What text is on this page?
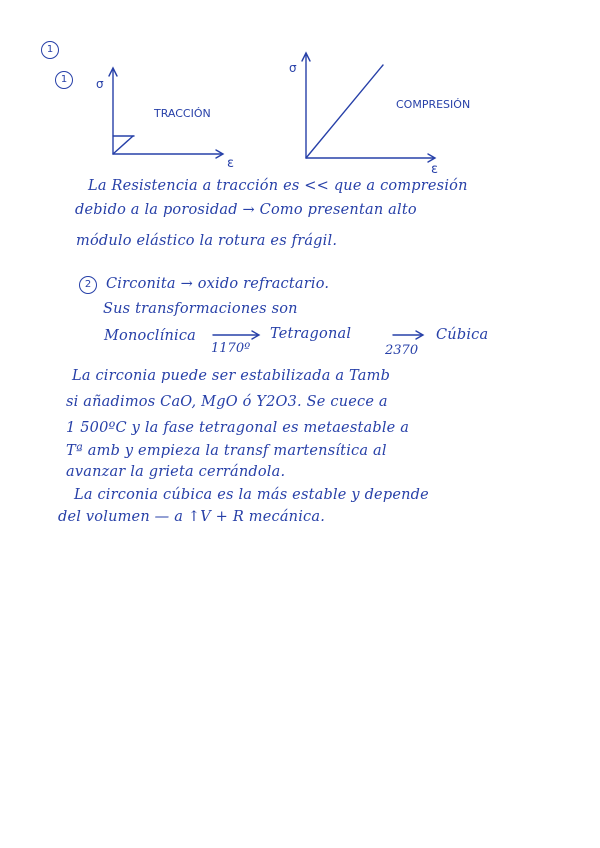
1
1	σ
ε
TRACCIÓN
σ
ε
COMPRESIÓN
La Resistencia a tracción es << que a compresión
debido a la porosidad → Como presentan alto
módulo elástico la rotura es frágil.
2	Circonita → oxido refractario.
Sus transformaciones son
Monoclínica
1170º
Tetragonal
2370
Cúbica
La circonia puede ser estabilizada a Tamb
si añadimos CaO, MgO ó Y2O3. Se cuece a
1 500ºC y la fase tetragonal es metaestable a
Tª amb y empieza la transf martensítica al
avanzar la grieta cerrándola.
La circonia cúbica es la más estable y depende
del volumen — a ↑V + R mecánica.
